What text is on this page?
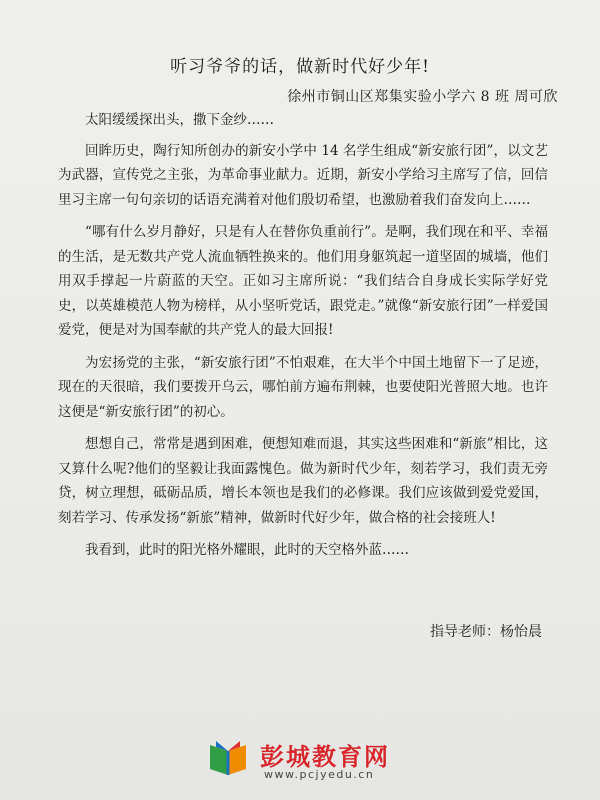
听习爷爷的话，做新时代好少年!
徐州市铜山区郑集实验小学六 8 班 周可欣

太阳缓缓探出头，撒下金纱……

回眸历史，陶行知所创办的新安小学中 14 名学生组成“新安旅行团”，以文艺为武器，宣传党之主张，为革命事业献力。近期，新安小学给习主席写了信，回信里习主席一句句亲切的话语充满着对他们殷切希望，也激励着我们奋发向上……

“哪有什么岁月静好，只是有人在替你负重前行”。是啊，我们现在和平、幸福的生活，是无数共产党人流血牺牲换来的。他们用身躯筑起一道坚固的城墙，他们用双手撑起一片蔚蓝的天空。正如习主席所说：“我们结合自身成长实际学好党史，以英雄模范人物为榜样，从小坚听党话，跟党走。”就像“新安旅行团”一样爱国爱党，便是对为国奉献的共产党人的最大回报!

为宏扬党的主张，“新安旅行团”不怕艰难，在大半个中国土地留下一了足迹，现在的天很暗，我们要拨开乌云，哪怕前方遍布荆棘，也要使阳光普照大地。也许这便是“新安旅行团”的初心。

想想自己，常常是遇到困难，便想知难而退，其实这些困难和“新旅”相比，这又算什么呢?他们的坚毅让我面露愧色。做为新时代少年，刻若学习，我们责无旁贷，树立理想，砥砺品质，增长本领也是我们的必修课。我们应该做到爱党爱国，刻若学习、传承发扬“新旅”精神，做新时代好少年，做合格的社会接班人!

我看到，此时的阳光格外耀眼，此时的天空格外蓝……

指导老师：杨怡晨
彭城教育网
www.pcjyedu.cn
